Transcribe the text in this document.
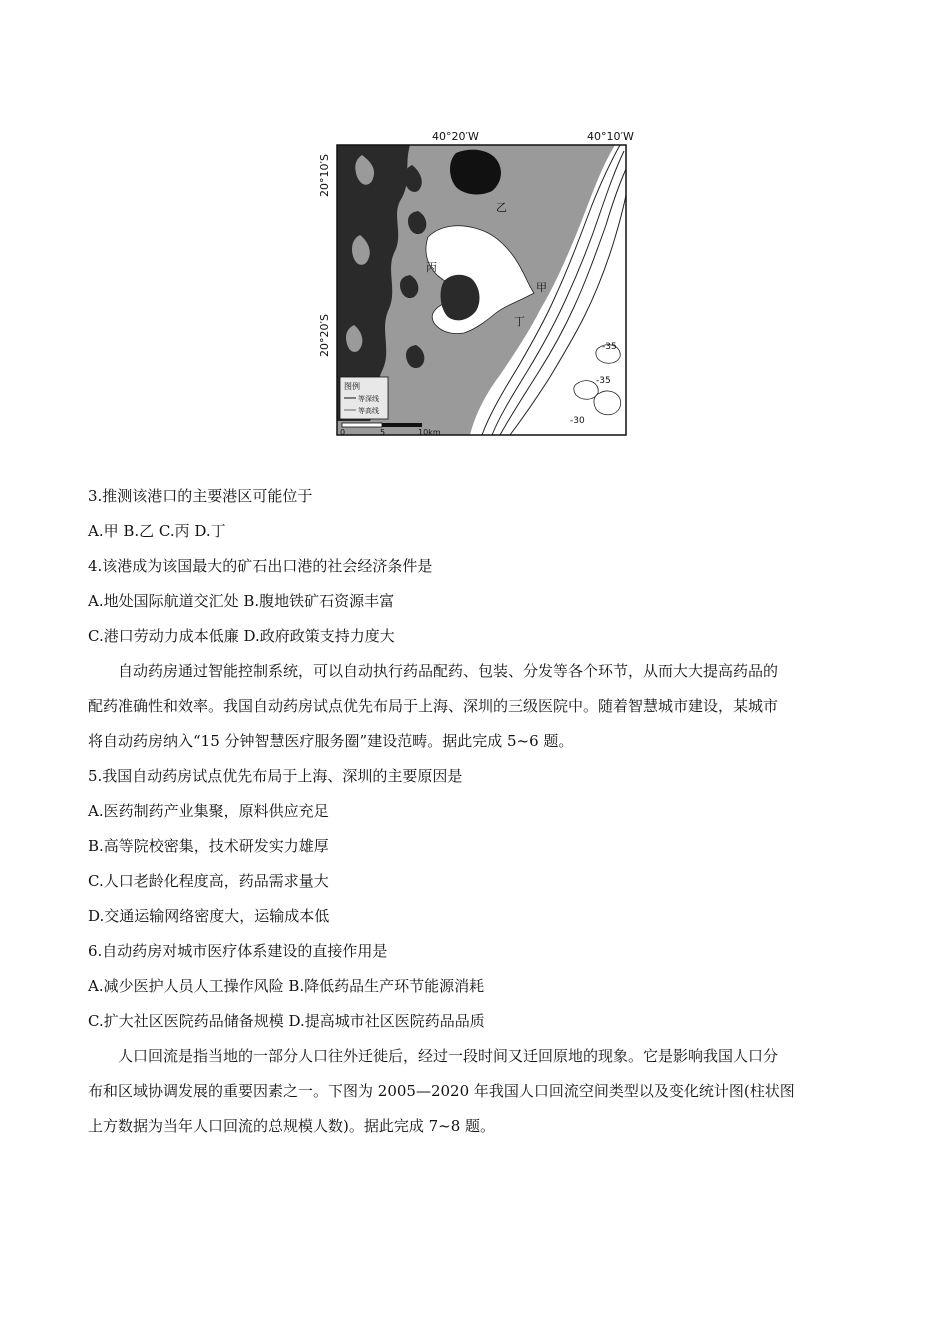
40°20′W	40°10′W
20°10′S
20°20′S
乙
丙
甲
丁
-35
-35
-30
图例
等深线
等高线
0	5	10km
3.推测该港口的主要港区可能位于
A.甲 B.乙 C.丙 D.丁
4.该港成为该国最大的矿石出口港的社会经济条件是
A.地处国际航道交汇处 B.腹地铁矿石资源丰富
C.港口劳动力成本低廉 D.政府政策支持力度大
自动药房通过智能控制系统，可以自动执行药品配药、包装、分发等各个环节，从而大大提高药品的
配药准确性和效率。我国自动药房试点优先布局于上海、深圳的三级医院中。随着智慧城市建设，某城市
将自动药房纳入“15 分钟智慧医疗服务圈”建设范畴。据此完成 5~6 题。
5.我国自动药房试点优先布局于上海、深圳的主要原因是
A.医药制药产业集聚，原料供应充足
B.高等院校密集，技术研发实力雄厚
C.人口老龄化程度高，药品需求量大
D.交通运输网络密度大，运输成本低
6.自动药房对城市医疗体系建设的直接作用是
A.减少医护人员人工操作风险 B.降低药品生产环节能源消耗
C.扩大社区医院药品储备规模 D.提高城市社区医院药品品质
人口回流是指当地的一部分人口往外迁徙后，经过一段时间又迁回原地的现象。它是影响我国人口分
布和区域协调发展的重要因素之一。下图为 2005—2020 年我国人口回流空间类型以及变化统计图(柱状图
上方数据为当年人口回流的总规模人数)。据此完成 7~8 题。
